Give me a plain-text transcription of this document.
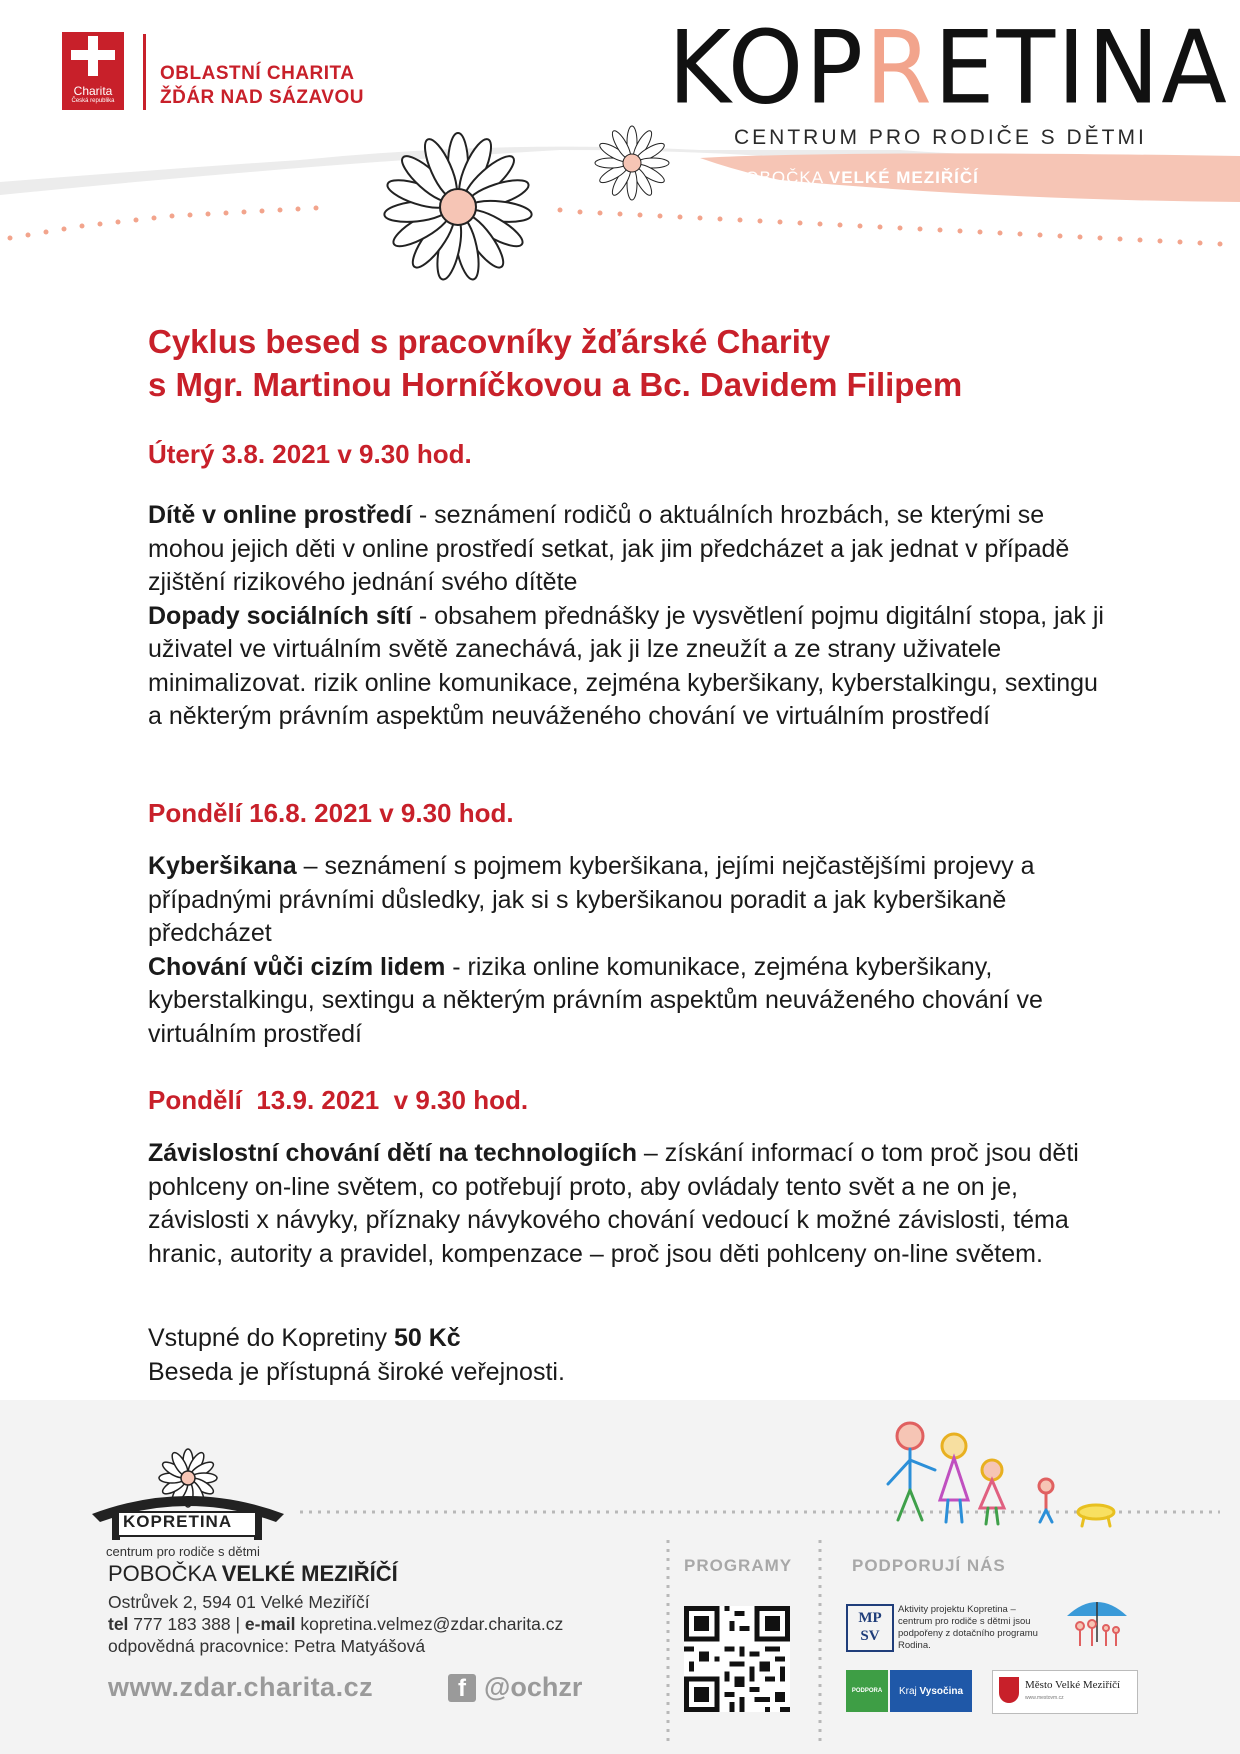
Charita
Česká republika
OBLASTNÍ CHARITA
ŽĎÁR NAD SÁZAVOU	KOPRETINA
CENTRUM PRO RODIČE S DĚTMI
POBOČKA VELKÉ MEZIŘÍČÍ
Cyklus besed s pracovníky žďárské Charity
s Mgr. Martinou Horníčkovou a Bc. Davidem Filipem
Úterý 3.8. 2021 v 9.30 hod.

Dítě v online prostředí - seznámení rodičů o aktuálních hrozbách, se kterými se mohou jejich děti v online prostředí setkat, jak jim předcházet a jak jednat v případě zjištění rizikového jednání svého dítěte

Dopady sociálních sítí - obsahem přednášky je vysvětlení pojmu digitální stopa, jak ji uživatel ve virtuálním světě zanechává, jak ji lze zneužít a ze strany uživatele minimalizovat. rizik online komunikace, zejména kyberšikany, kyberstalkingu, sextingu a některým právním aspektům neuváženého chování ve virtuálním prostředí

Pondělí 16.8. 2021 v 9.30 hod.

Kyberšikana – seznámení s pojmem kyberšikana, jejími nejčastějšími projevy a případnými právními důsledky, jak si s kyberšikanou poradit a jak kyberšikaně předcházet

Chování vůči cizím lidem - rizika online komunikace, zejména kyberšikany, kyberstalkingu, sextingu a některým právním aspektům neuváženého chování ve virtuálním prostředí

Pondělí  13.9. 2021  v 9.30 hod.

Závislostní chování dětí na technologiích – získání informací o tom proč jsou děti pohlceny on-line světem, co potřebují proto, aby ovládaly tento svět a ne on je, závislosti x návyky, příznaky návykového chování vedoucí k možné závislosti, téma hranic, autority a pravidel, kompenzace – proč jsou děti pohlceny on-line světem.

Vstupné do Kopretiny 50 Kč
Beseda je přístupná široké veřejnosti.
KOPRETINA
centrum pro rodiče s dětmi
POBOČKA VELKÉ MEZIŘÍČÍ
Ostrůvek 2, 594 01 Velké Meziříčí
tel 777 183 388 | e-mail kopretina.velmez@zdar.charita.cz
odpovědná pracovnice: Petra Matyášová
www.zdar.charita.cz	f @ochzr
PROGRAMY	PODPORUJÍ NÁS
MP
SV
Aktivity projektu Kopretina – centrum pro rodiče s dětmi jsou podpořeny z dotačního programu Rodina.
PODPORA	Kraj Vysočina
Město Velké Meziříčí
www.mestovm.cz
